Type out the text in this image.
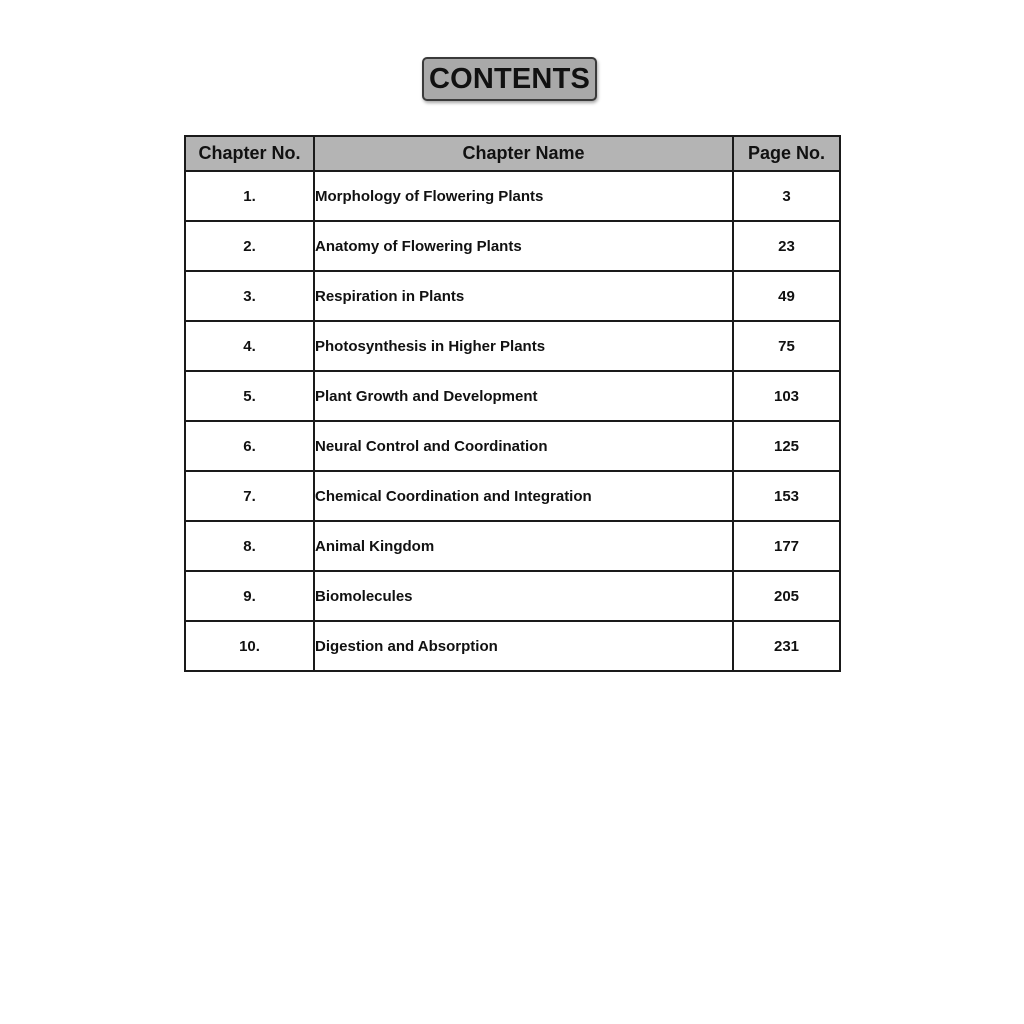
CONTENTS
Chapter No.	Chapter Name	Page No.
1.	Morphology of Flowering Plants	3
2.	Anatomy of Flowering Plants	23
3.	Respiration in Plants	49
4.	Photosynthesis in Higher Plants	75
5.	Plant Growth and Development	103
6.	Neural Control and Coordination	125
7.	Chemical Coordination and Integration	153
8.	Animal Kingdom	177
9.	Biomolecules	205
10.	Digestion and Absorption	231
